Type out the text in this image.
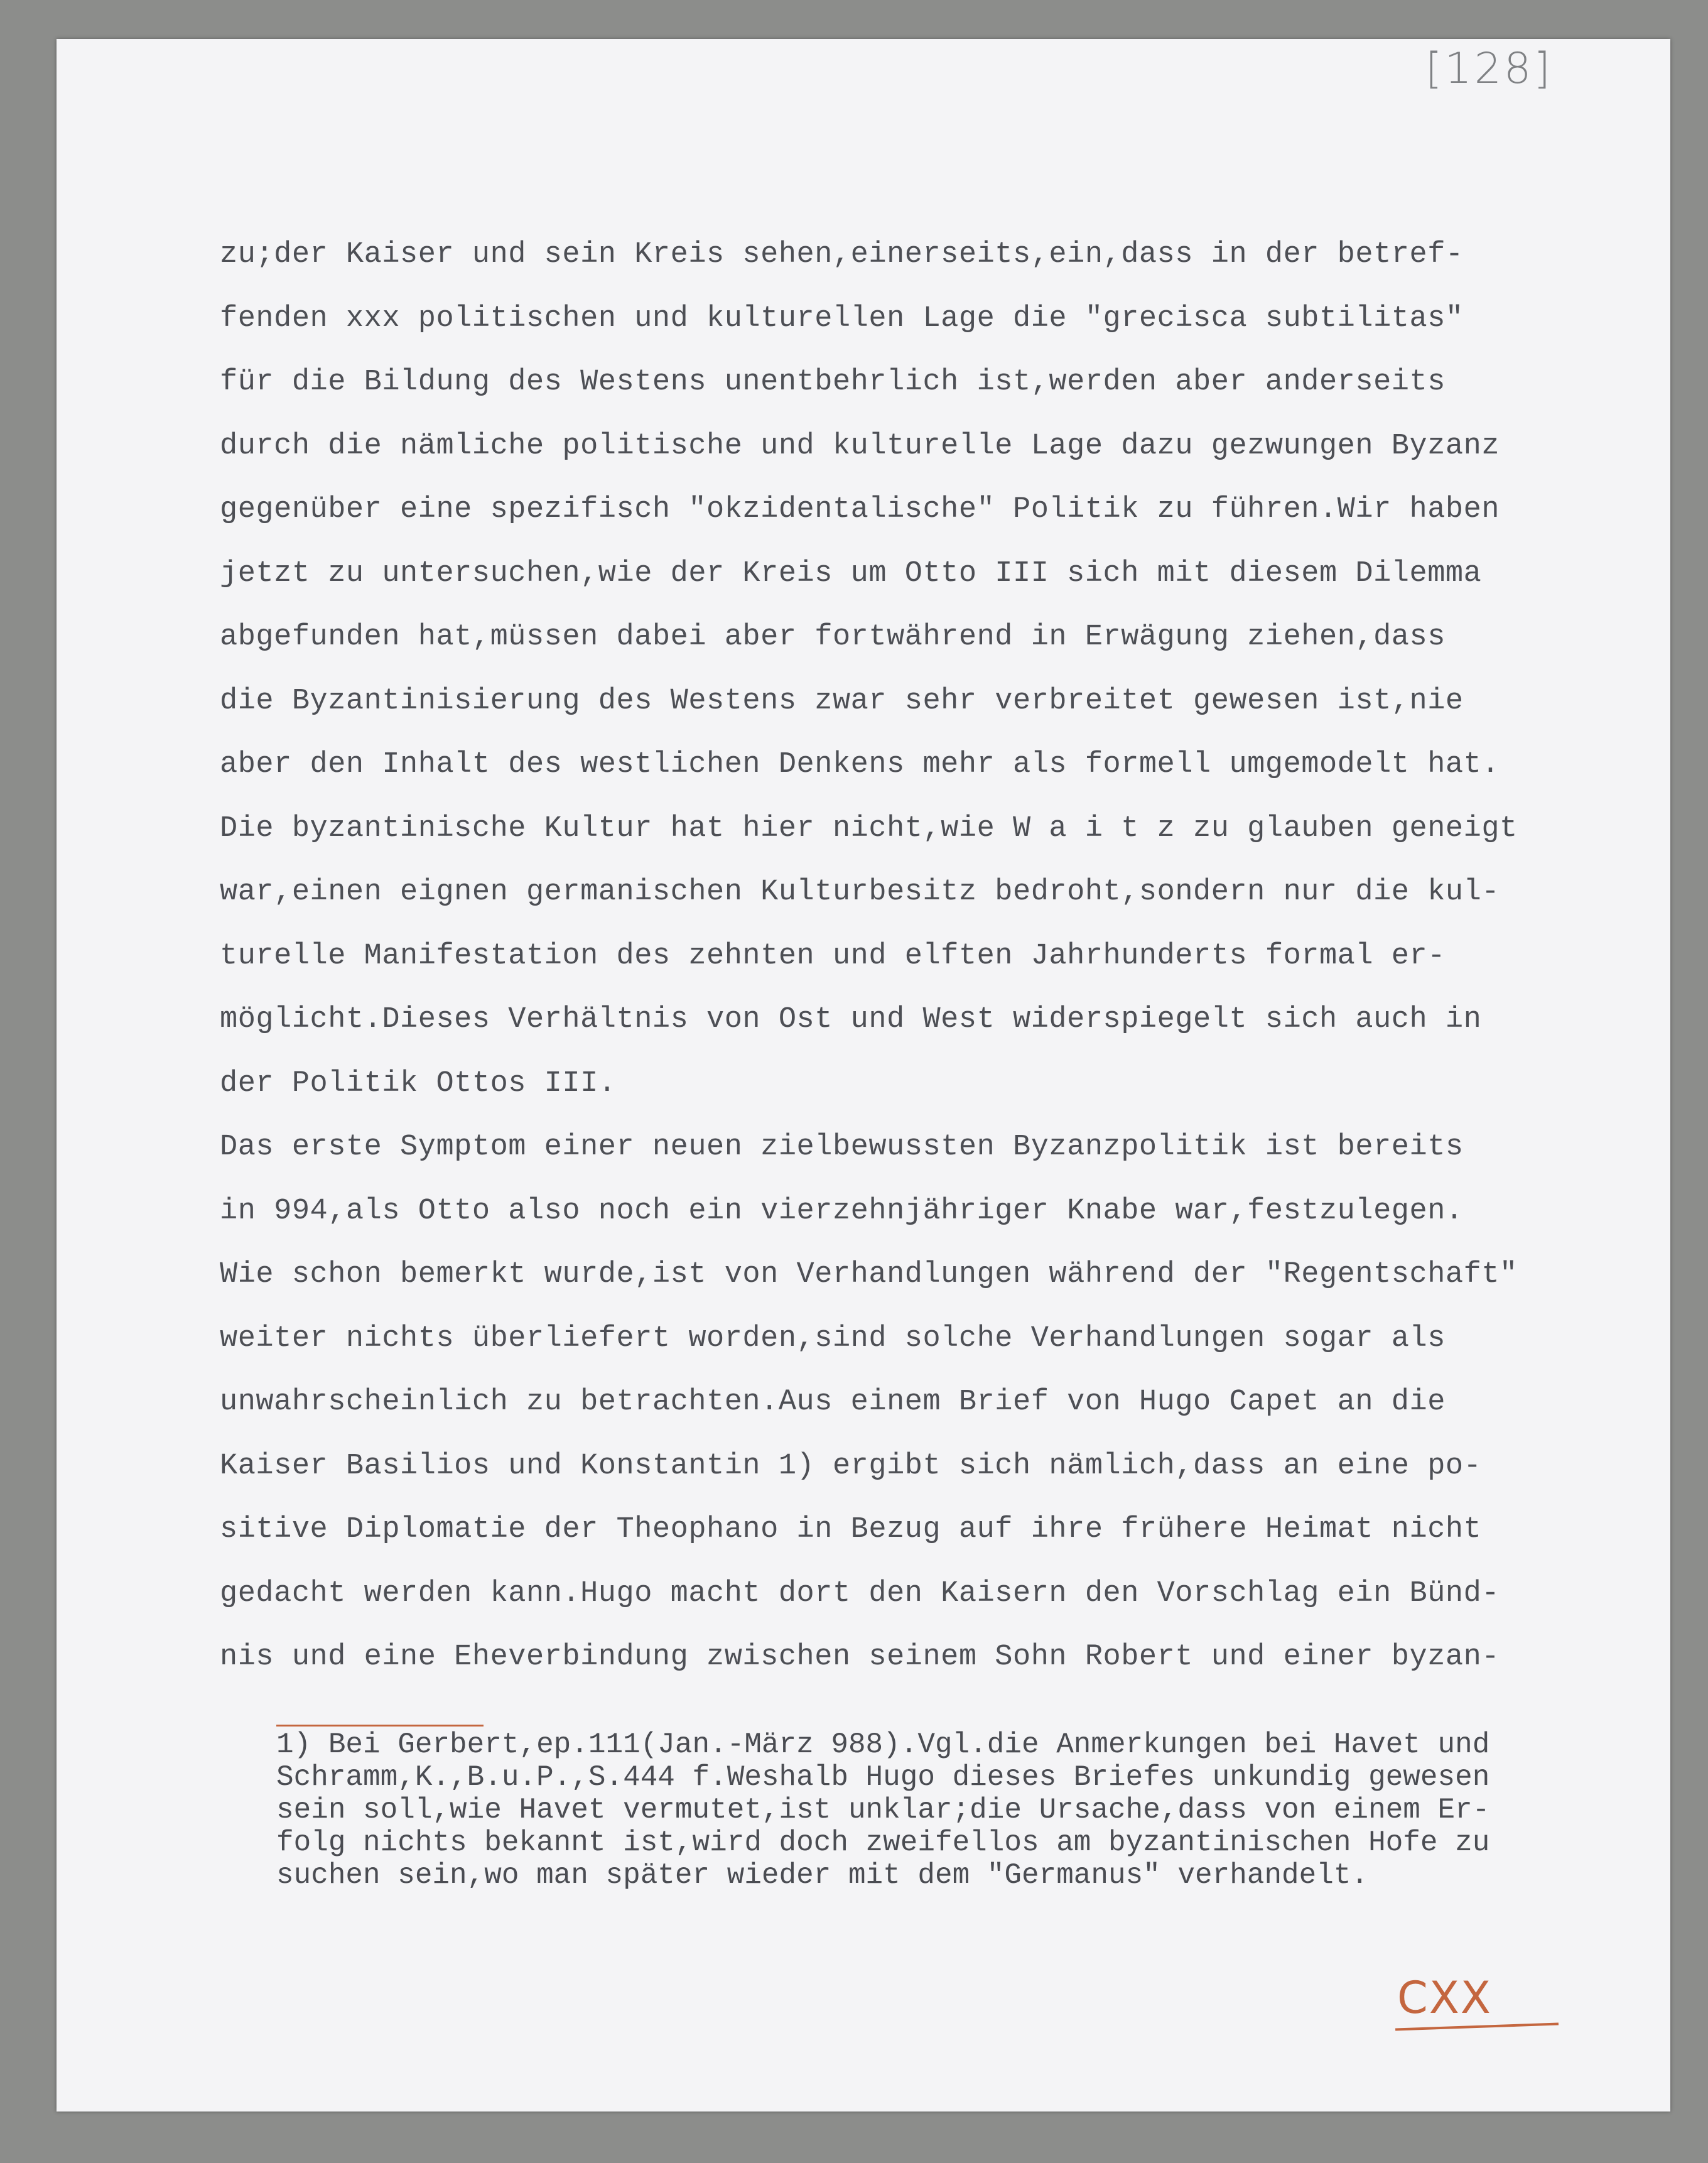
[128]
zu;der Kaiser und sein Kreis sehen,einerseits,ein,dass in der betref-
fenden xxx politischen und kulturellen Lage die "grecisca subtilitas"
für die Bildung des Westens unentbehrlich ist,werden aber anderseits
durch die nämliche politische und kulturelle Lage dazu gezwungen Byzanz
gegenüber eine spezifisch "okzidentalische" Politik zu führen.Wir haben
jetzt zu untersuchen,wie der Kreis um Otto III sich mit diesem Dilemma
abgefunden hat,müssen dabei aber fortwährend in Erwägung ziehen,dass
die Byzantinisierung des Westens zwar sehr verbreitet gewesen ist,nie
aber den Inhalt des westlichen Denkens mehr als formell umgemodelt hat.
Die byzantinische Kultur hat hier nicht,wie W a i t z zu glauben geneigt
war,einen eignen germanischen Kulturbesitz bedroht,sondern nur die kul-
turelle Manifestation des zehnten und elften Jahrhunderts formal er-
möglicht.Dieses Verhältnis von Ost und West widerspiegelt sich auch in
der Politik Ottos III.
Das erste Symptom einer neuen zielbewussten Byzanzpolitik ist bereits
in 994,als Otto also noch ein vierzehnjähriger Knabe war,festzulegen.
Wie schon bemerkt wurde,ist von Verhandlungen während der "Regentschaft"
weiter nichts überliefert worden,sind solche Verhandlungen sogar als
unwahrscheinlich zu betrachten.Aus einem Brief von Hugo Capet an die
Kaiser Basilios und Konstantin 1) ergibt sich nämlich,dass an eine po-
sitive Diplomatie der Theophano in Bezug auf ihre frühere Heimat nicht
gedacht werden kann.Hugo macht dort den Kaisern den Vorschlag ein Bünd-
nis und eine Eheverbindung zwischen seinem Sohn Robert und einer byzan-
1) Bei Gerbert,ep.111(Jan.-März 988).Vgl.die Anmerkungen bei Havet und
Schramm,K.,B.u.P.,S.444 f.Weshalb Hugo dieses Briefes unkundig gewesen
sein soll,wie Havet vermutet,ist unklar;die Ursache,dass von einem Er-
folg nichts bekannt ist,wird doch zweifellos am byzantinischen Hofe zu
suchen sein,wo man später wieder mit dem "Germanus" verhandelt.
CXX
